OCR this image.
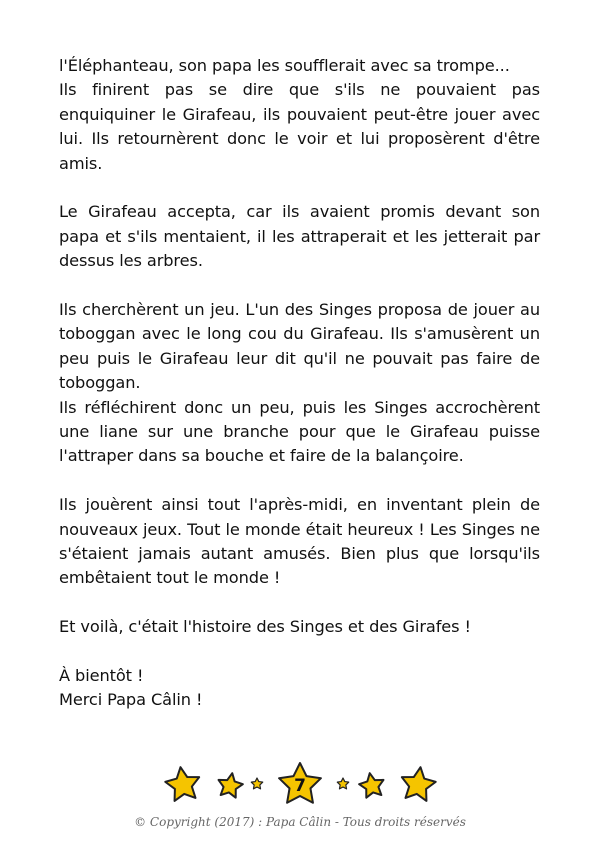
l'Éléphanteau, son papa les soufflerait avec sa trompe...
Ils finirent pas se dire que s'ils ne pouvaient pas enquiquiner le Girafeau, ils pouvaient peut-être jouer avec lui. Ils retournèrent donc le voir et lui proposèrent d'être amis.

Le Girafeau accepta, car ils avaient promis devant son papa et s'ils mentaient, il les attraperait et les jetterait par dessus les arbres.

Ils cherchèrent un jeu. L'un des Singes proposa de jouer au toboggan avec le long cou du Girafeau. Ils s'amusèrent un peu puis le Girafeau leur dit qu'il ne pouvait pas faire de toboggan.
Ils réfléchirent donc un peu, puis les Singes accrochèrent une liane sur une branche pour que le Girafeau puisse l'attraper dans sa bouche et faire de la balançoire.

Ils jouèrent ainsi tout l'après-midi, en inventant plein de nouveaux jeux. Tout le monde était heureux ! Les Singes ne s'étaient jamais autant amusés. Bien plus que lorsqu'ils embêtaient tout le monde !

Et voilà, c'était l'histoire des Singes et des Girafes !

À bientôt !
Merci Papa Câlin !

7
© Copyright (2017) : Papa Câlin - Tous droits réservés
